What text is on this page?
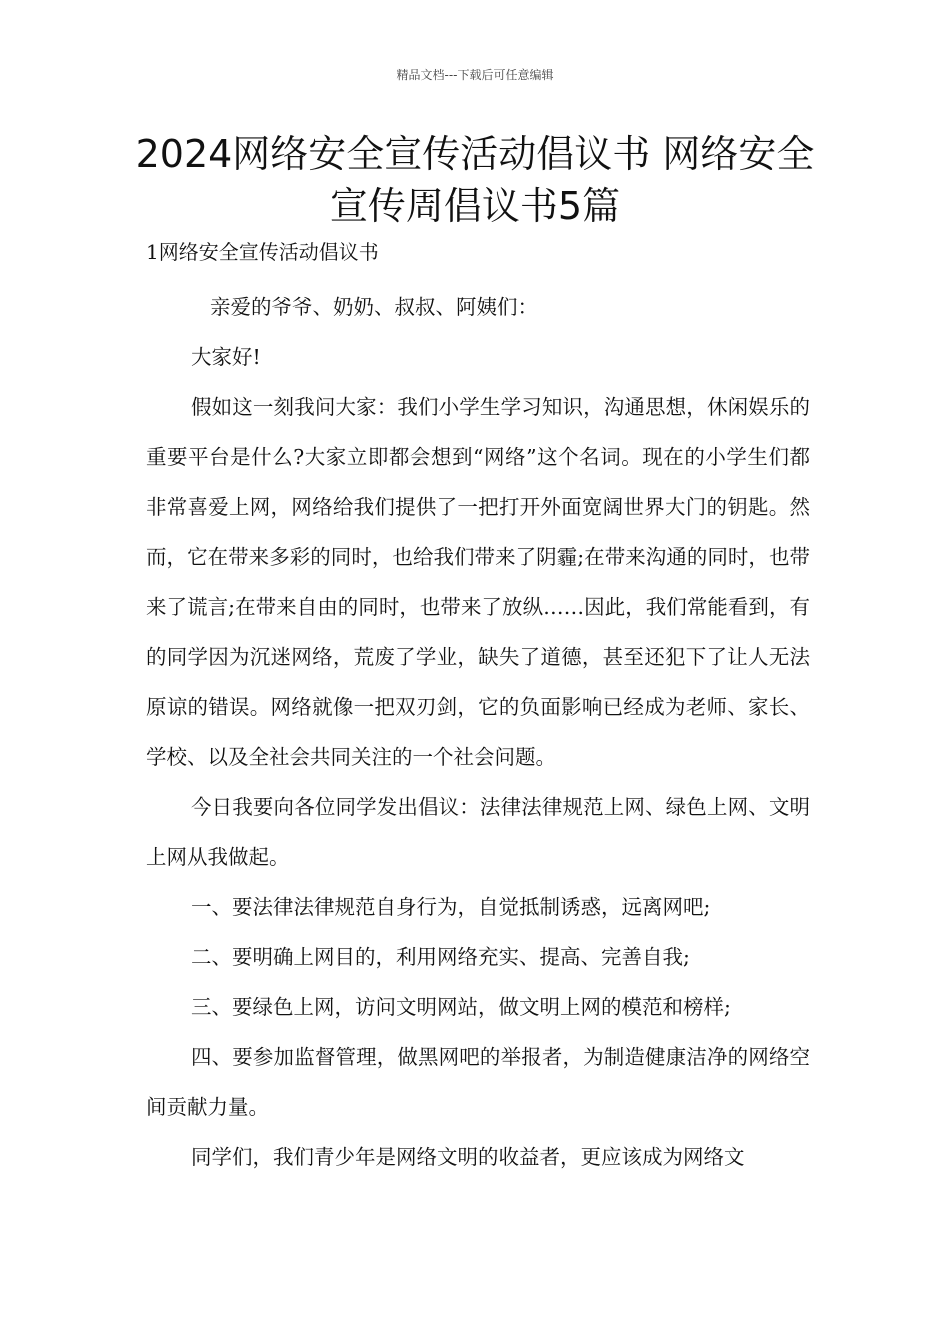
精品文档---下载后可任意编辑
2024网络安全宣传活动倡议书 网络安全宣传周倡议书5篇
1网络安全宣传活动倡议书

亲爱的爷爷、奶奶、叔叔、阿姨们：

大家好!

假如这一刻我问大家：我们小学生学习知识，沟通思想，休闲娱乐的重要平台是什么?大家立即都会想到“网络”这个名词。现在的小学生们都非常喜爱上网，网络给我们提供了一把打开外面宽阔世界大门的钥匙。然而，它在带来多彩的同时，也给我们带来了阴霾;在带来沟通的同时，也带来了谎言;在带来自由的同时，也带来了放纵……因此，我们常能看到，有的同学因为沉迷网络，荒废了学业，缺失了道德，甚至还犯下了让人无法原谅的错误。网络就像一把双刃剑，它的负面影响已经成为老师、家长、学校、以及全社会共同关注的一个社会问题。

今日我要向各位同学发出倡议：法律法律规范上网、绿色上网、文明上网从我做起。

一、要法律法律规范自身行为，自觉抵制诱惑，远离网吧;

二、要明确上网目的，利用网络充实、提高、完善自我;

三、要绿色上网，访问文明网站，做文明上网的模范和榜样;

四、要参加监督管理，做黑网吧的举报者，为制造健康洁净的网络空间贡献力量。

同学们，我们青少年是网络文明的收益者，更应该成为网络文
